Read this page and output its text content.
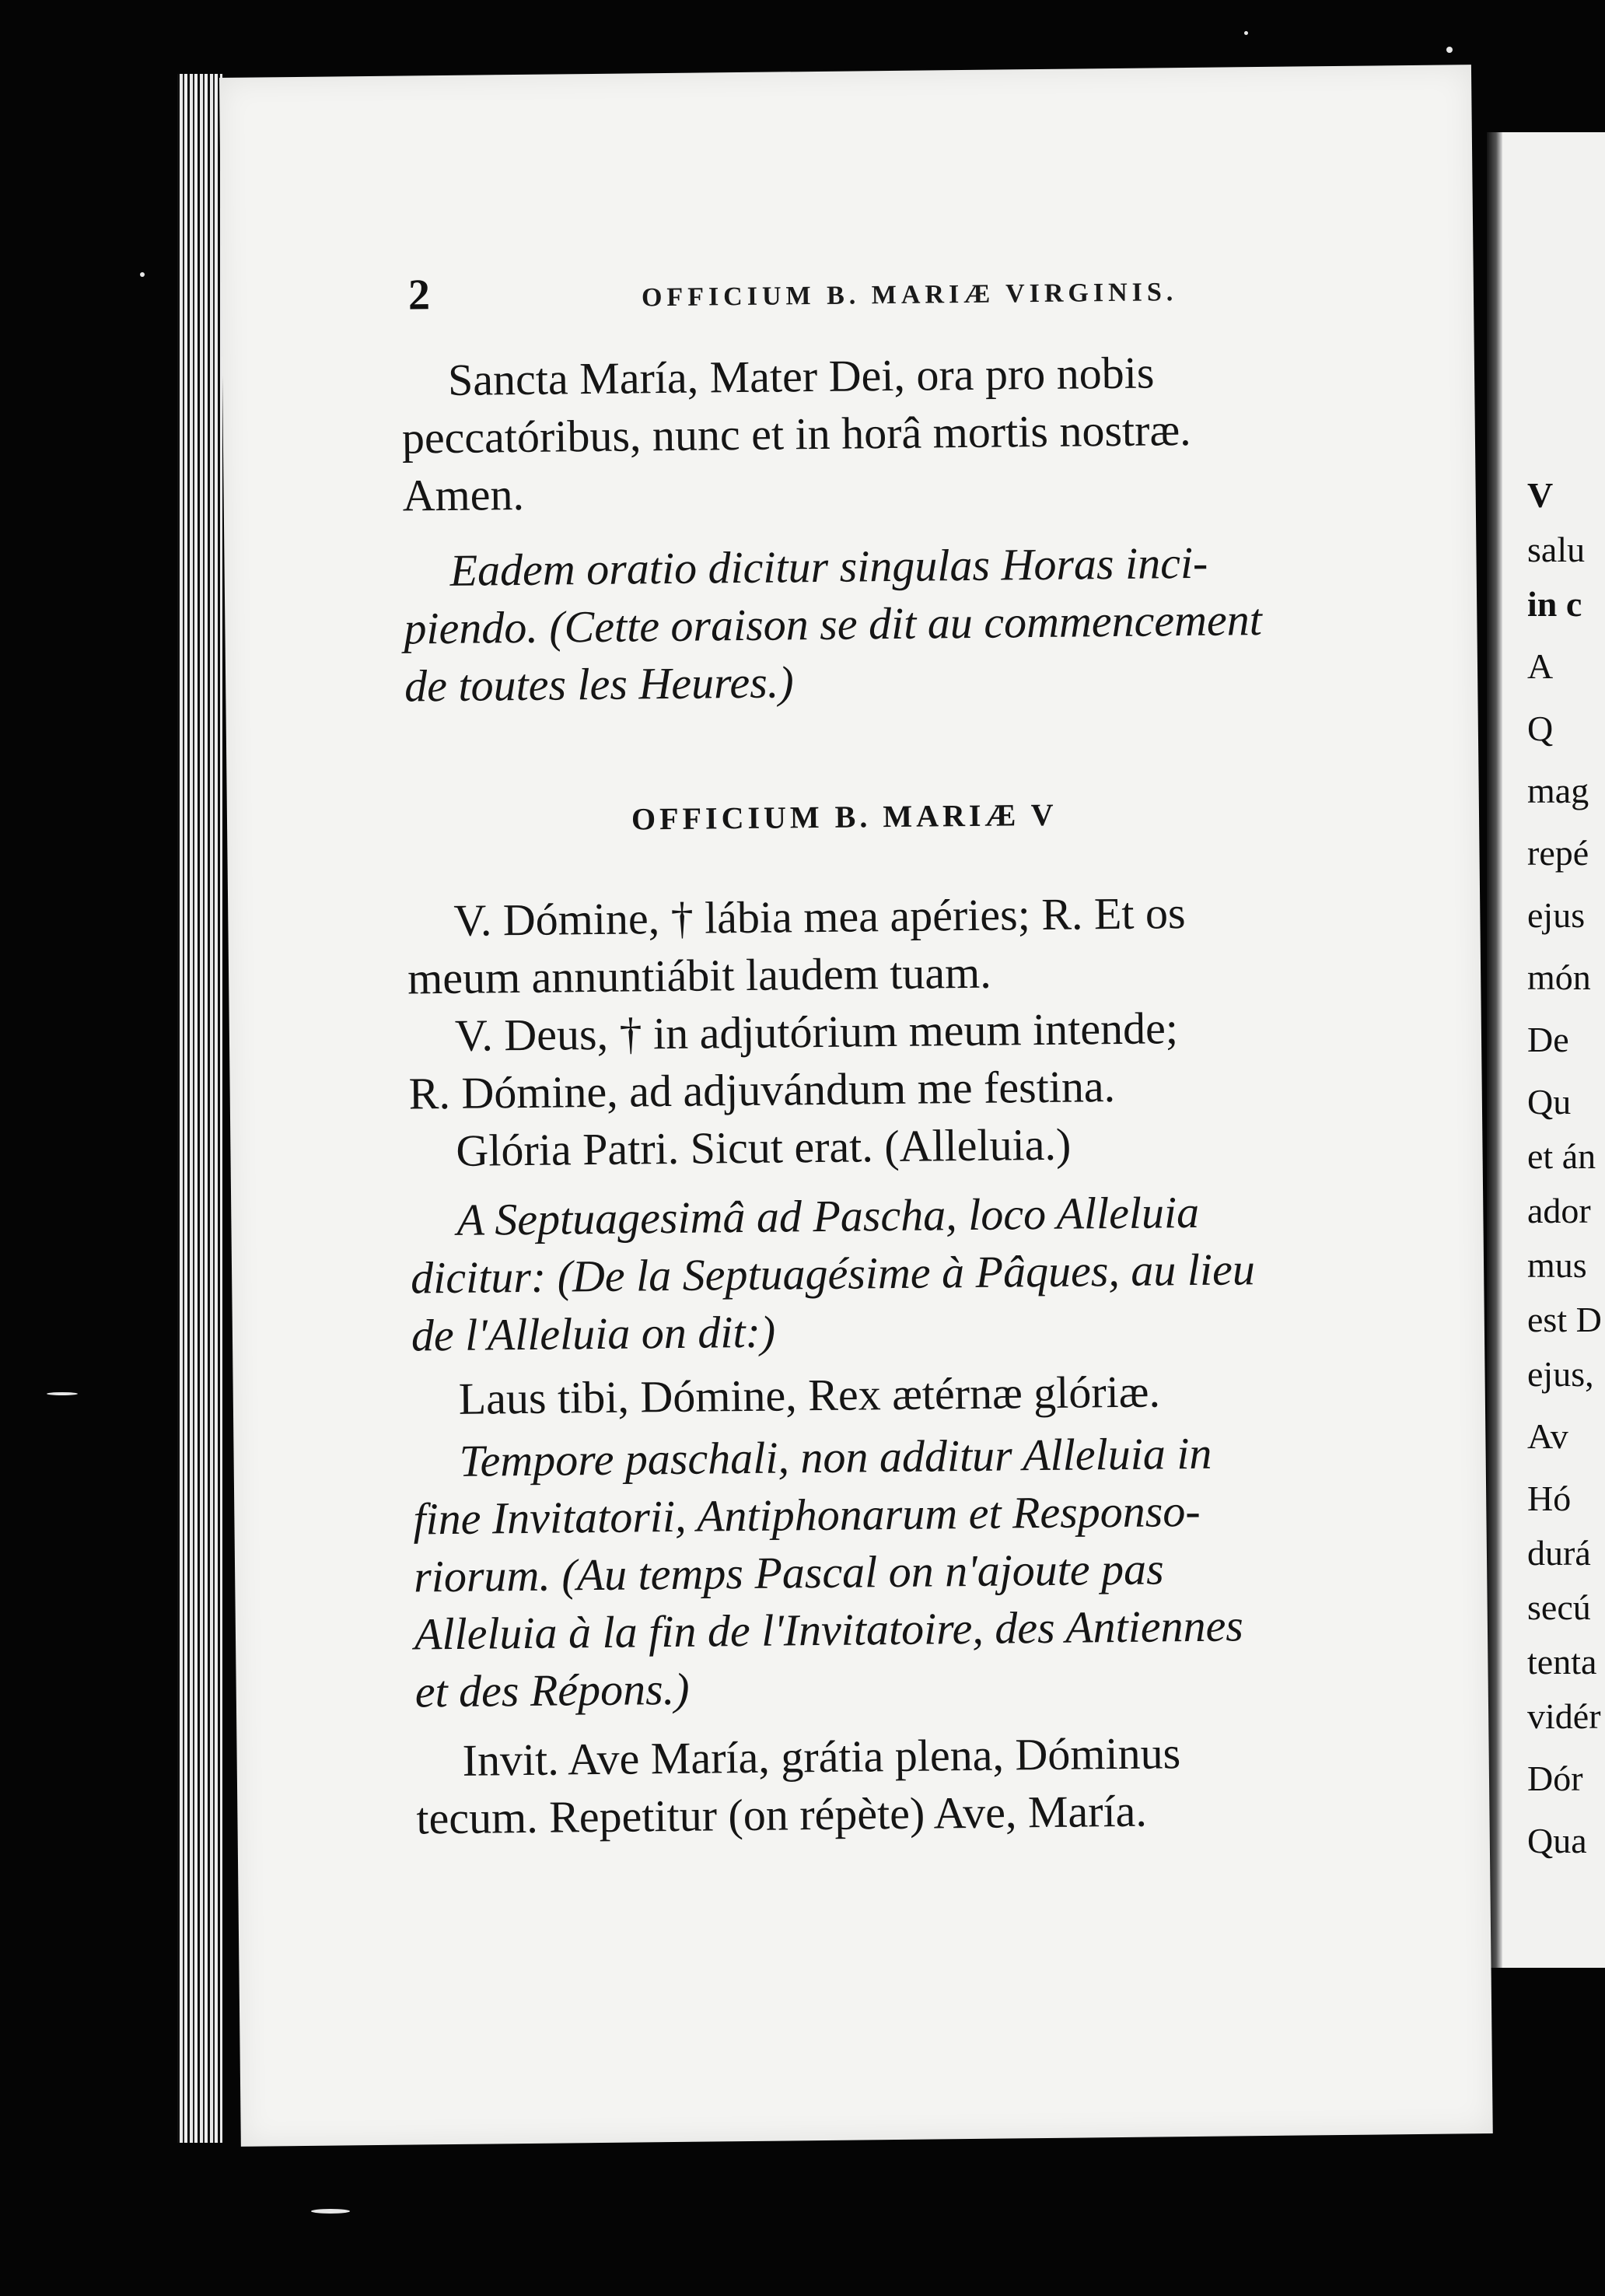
V
salu
in c
A
Q
mag
repé
ejus
món
De
Qu
et án
ador
mus
est D
ejus,
Av
Hó
durá
secú
tenta
vidér
Dór
Qua
2	OFFICIUM B. MARIÆ VIRGINIS.
Sancta María, Mater Dei, ora pro nobis
peccatóribus, nunc et in horâ mortis nostræ.
Amen.
Eadem oratio dicitur singulas Horas inci-
piendo. (Cette oraison se dit au commencement
de toutes les Heures.)
OFFICIUM B. MARIÆ V
V. Dómine, † lábia mea apéries; R. Et os
meum annuntiábit laudem tuam.
V. Deus, † in adjutórium meum intende;
R. Dómine, ad adjuvándum me festina.
Glória Patri. Sicut erat. (Alleluia.)
A Septuagesimâ ad Pascha, loco Alleluia
dicitur: (De la Septuagésime à Pâques, au lieu
de l'Alleluia on dit:)
Laus tibi, Dómine, Rex ætérnæ glóriæ.
Tempore paschali, non additur Alleluia in
fine Invitatorii, Antiphonarum et Responso-
riorum. (Au temps Pascal on n'ajoute pas
Alleluia à la fin de l'Invitatoire, des Antiennes
et des Répons.)
Invit. Ave María, grátia plena, Dóminus
tecum. Repetitur (on répète) Ave, María.
